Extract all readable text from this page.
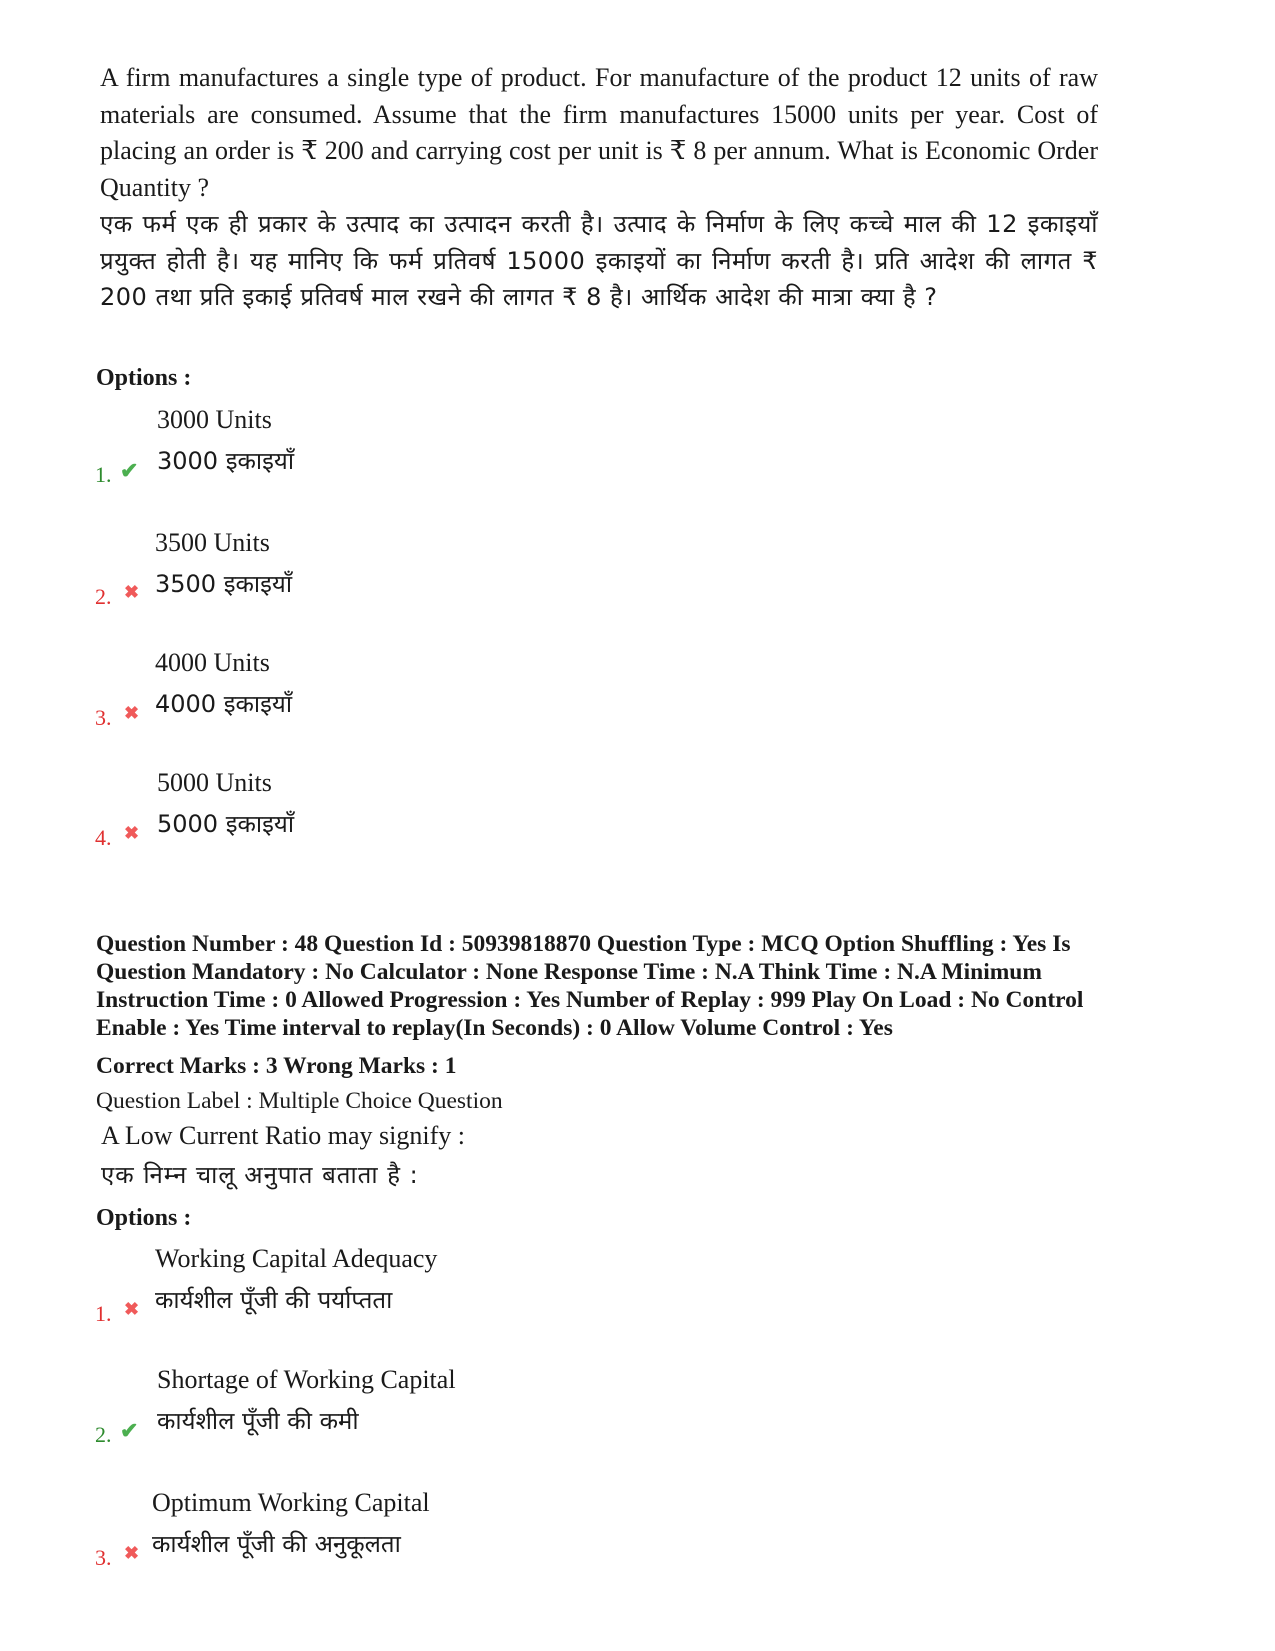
A firm manufactures a single type of product. For manufacture of the product 12 units of raw materials are consumed. Assume that the firm manufactures 15000 units per year. Cost of placing an order is ₹ 200 and carrying cost per unit is ₹ 8 per annum. What is Economic Order Quantity ?
एक फर्म एक ही प्रकार के उत्पाद का उत्पादन करती है। उत्पाद के निर्माण के लिए कच्चे माल की 12 इकाइयाँ प्रयुक्त होती है। यह मानिए कि फर्म प्रतिवर्ष 15000 इकाइयों का निर्माण करती है। प्रति आदेश की लागत ₹ 200 तथा प्रति इकाई प्रतिवर्ष माल रखने की लागत ₹ 8 है। आर्थिक आदेश की मात्रा क्या है ?
Options :
3000 Units
3000 इकाइयाँ
1. ✔
3500 Units
3500 इकाइयाँ
2. ✖
4000 Units
4000 इकाइयाँ
3. ✖
5000 Units
5000 इकाइयाँ
4. ✖
Question Number : 48 Question Id : 50939818870 Question Type : MCQ Option Shuffling : Yes Is
Question Mandatory : No Calculator : None Response Time : N.A Think Time : N.A Minimum
Instruction Time : 0 Allowed Progression : Yes Number of Replay : 999 Play On Load : No Control
Enable : Yes Time interval to replay(In Seconds) : 0 Allow Volume Control : Yes
Correct Marks : 3 Wrong Marks : 1
Question Label : Multiple Choice Question
A Low Current Ratio may signify :
एक निम्न चालू अनुपात बताता है :
Options :
Working Capital Adequacy
कार्यशील पूँजी की पर्याप्तता
1. ✖
Shortage of Working Capital
कार्यशील पूँजी की कमी
2. ✔
Optimum Working Capital
कार्यशील पूँजी की अनुकूलता
3. ✖
